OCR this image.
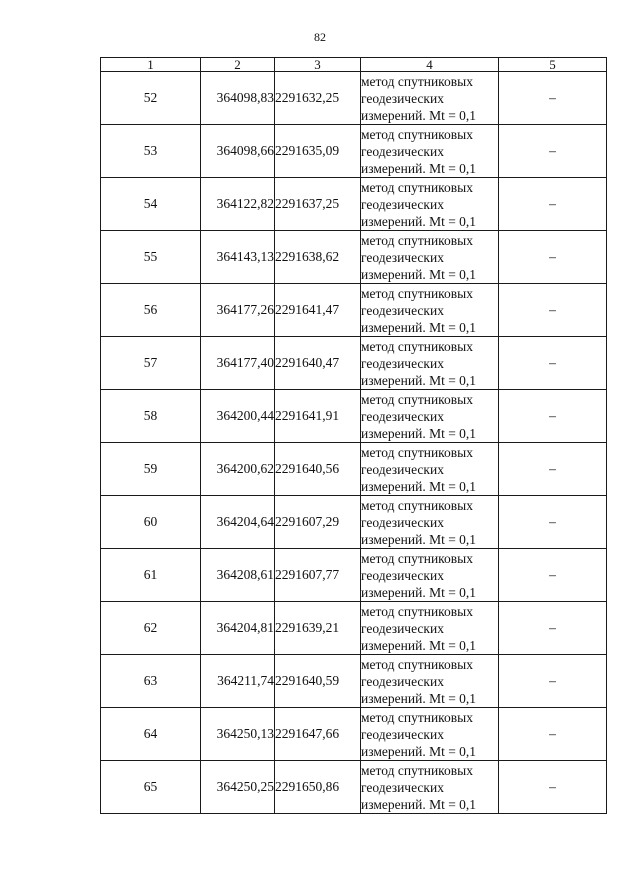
82
1	2	3	4	5
52	364098,83	2291632,25	метод спутниковых
геодезических
измерений. Mt = 0,1	–
53	364098,66	2291635,09	метод спутниковых
геодезических
измерений. Mt = 0,1	–
54	364122,82	2291637,25	метод спутниковых
геодезических
измерений. Mt = 0,1	–
55	364143,13	2291638,62	метод спутниковых
геодезических
измерений. Mt = 0,1	–
56	364177,26	2291641,47	метод спутниковых
геодезических
измерений. Mt = 0,1	–
57	364177,40	2291640,47	метод спутниковых
геодезических
измерений. Mt = 0,1	–
58	364200,44	2291641,91	метод спутниковых
геодезических
измерений. Mt = 0,1	–
59	364200,62	2291640,56	метод спутниковых
геодезических
измерений. Mt = 0,1	–
60	364204,64	2291607,29	метод спутниковых
геодезических
измерений. Mt = 0,1	–
61	364208,61	2291607,77	метод спутниковых
геодезических
измерений. Mt = 0,1	–
62	364204,81	2291639,21	метод спутниковых
геодезических
измерений. Mt = 0,1	–
63	364211,74	2291640,59	метод спутниковых
геодезических
измерений. Mt = 0,1	–
64	364250,13	2291647,66	метод спутниковых
геодезических
измерений. Mt = 0,1	–
65	364250,25	2291650,86	метод спутниковых
геодезических
измерений. Mt = 0,1	–
